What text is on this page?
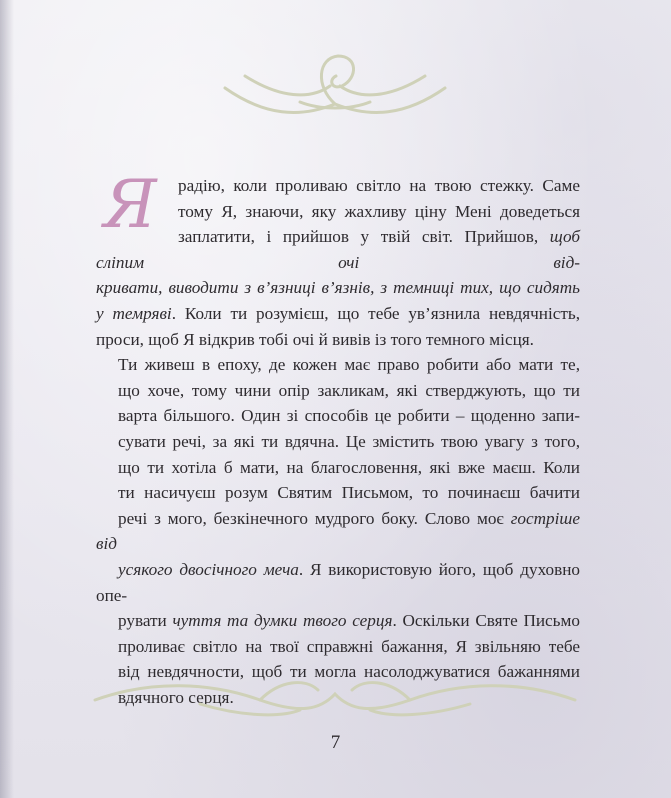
Я	радію, коли проливаю світло на твою стежку. Саме
тому Я, знаючи, яку жахливу ціну Мені доведеться
заплатити, і прийшов у твій світ. Прийшов, щоб сліпим очі від-
кривати, виводити з в’язниці в’язнів, з темниці тих, що сидять
у темряві. Коли ти розумієш, що тебе ув’язнила невдячність,
проси, щоб Я відкрив тобі очі й вивів із того темного місця.

Ти живеш в епоху, де кожен має право робити або мати те,
що хоче, тому чини опір закликам, які стверджують, що ти
варта більшого. Один зі способів це робити – щоденно запи-
сувати речі, за які ти вдячна. Це змістить твою увагу з того,
що ти хотіла б мати, на благословення, які вже маєш. Коли
ти насичуєш розум Святим Письмом, то починаєш бачити
речі з мого, безкінечного мудрого боку. Слово моє гостріше від
усякого двосічного меча. Я використовую його, щоб духовно опе-
рувати чуття та думки твого серця. Оскільки Святе Письмо
проливає світло на твої справжні бажання, Я звільняю тебе
від невдячности, щоб ти могла насолоджуватися бажаннями
вдячного серця.

7
